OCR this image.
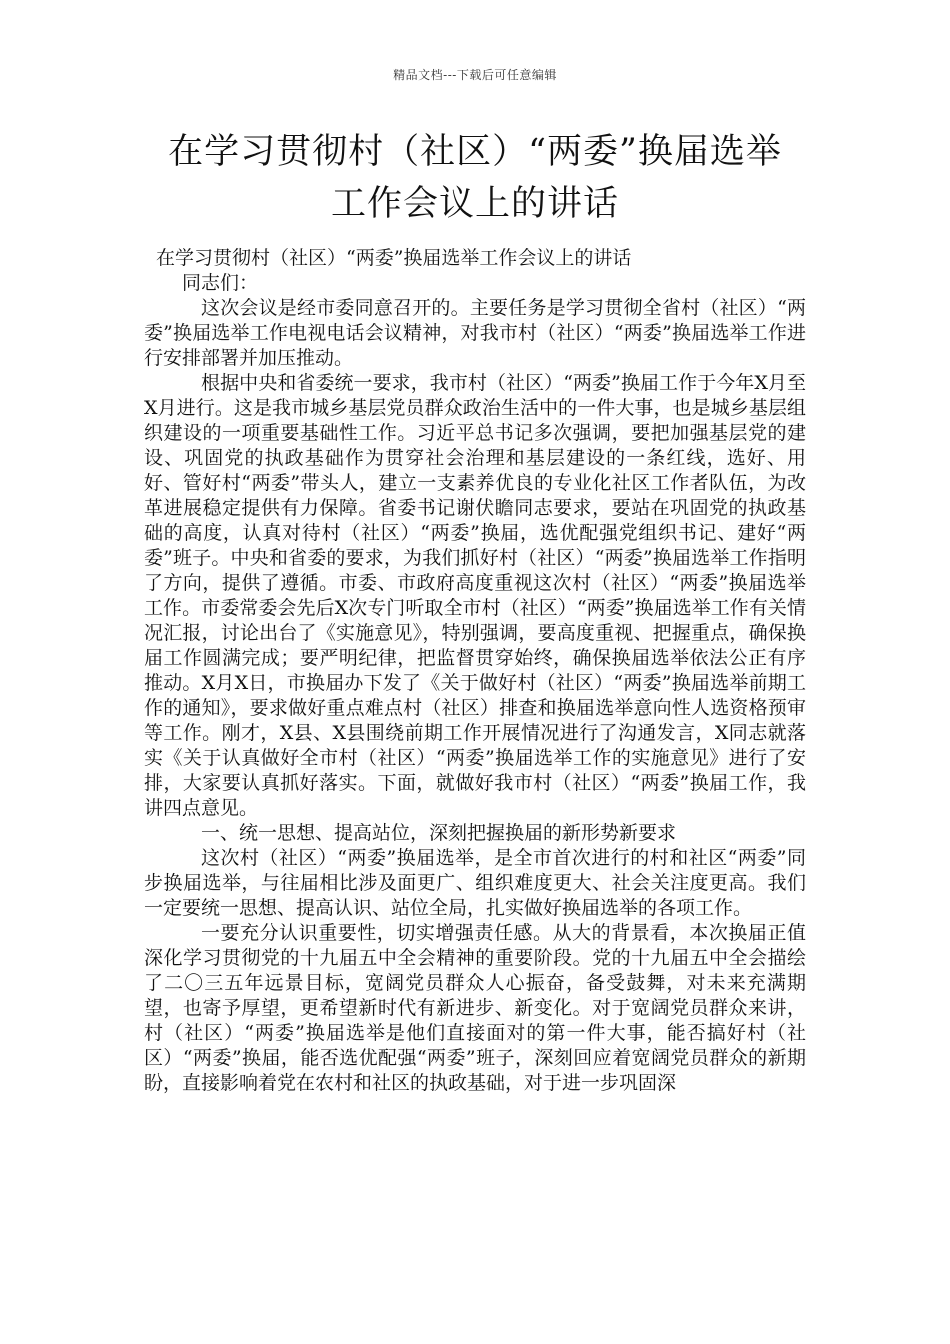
精品文档---下载后可任意编辑
在学习贯彻村（社区）“两委”换届选举
工作会议上的讲话

在学习贯彻村（社区）“两委”换届选举工作会议上的讲话

同志们：

这次会议是经市委同意召开的。主要任务是学习贯彻全省村（社区）“两委”换届选举工作电视电话会议精神，对我市村（社区）“两委”换届选举工作进行安排部署并加压推动。

根据中央和省委统一要求，我市村（社区）“两委”换届工作于今年X月至X月进行。这是我市城乡基层党员群众政治生活中的一件大事，也是城乡基层组织建设的一项重要基础性工作。习近平总书记多次强调，要把加强基层党的建设、巩固党的执政基础作为贯穿社会治理和基层建设的一条红线，选好、用好、管好村“两委”带头人，建立一支素养优良的专业化社区工作者队伍，为改革进展稳定提供有力保障。省委书记谢伏瞻同志要求，要站在巩固党的执政基础的高度，认真对待村（社区）“两委”换届，选优配强党组织书记、建好“两委”班子。中央和省委的要求，为我们抓好村（社区）“两委”换届选举工作指明了方向，提供了遵循。市委、市政府高度重视这次村（社区）“两委”换届选举工作。市委常委会先后X次专门听取全市村（社区）“两委”换届选举工作有关情况汇报，讨论出台了《实施意见》，特别强调，要高度重视、把握重点，确保换届工作圆满完成；要严明纪律，把监督贯穿始终，确保换届选举依法公正有序推动。X月X日，市换届办下发了《关于做好村（社区）“两委”换届选举前期工作的通知》，要求做好重点难点村（社区）排查和换届选举意向性人选资格预审等工作。刚才，X县、X县围绕前期工作开展情况进行了沟通发言，X同志就落实《关于认真做好全市村（社区）“两委”换届选举工作的实施意见》进行了安排，大家要认真抓好落实。下面，就做好我市村（社区）“两委”换届工作，我讲四点意见。

一、统一思想、提高站位，深刻把握换届的新形势新要求

这次村（社区）“两委”换届选举，是全市首次进行的村和社区“两委”同步换届选举，与往届相比涉及面更广、组织难度更大、社会关注度更高。我们一定要统一思想、提高认识、站位全局，扎实做好换届选举的各项工作。

一要充分认识重要性，切实增强责任感。从大的背景看，本次换届正值深化学习贯彻党的十九届五中全会精神的重要阶段。党的十九届五中全会描绘了二〇三五年远景目标，宽阔党员群众人心振奋，备受鼓舞，对未来充满期望，也寄予厚望，更希望新时代有新进步、新变化。对于宽阔党员群众来讲，村（社区）“两委”换届选举是他们直接面对的第一件大事，能否搞好村（社区）“两委”换届，能否选优配强“两委”班子，深刻回应着宽阔党员群众的新期盼，直接影响着党在农村和社区的执政基础，对于进一步巩固深
